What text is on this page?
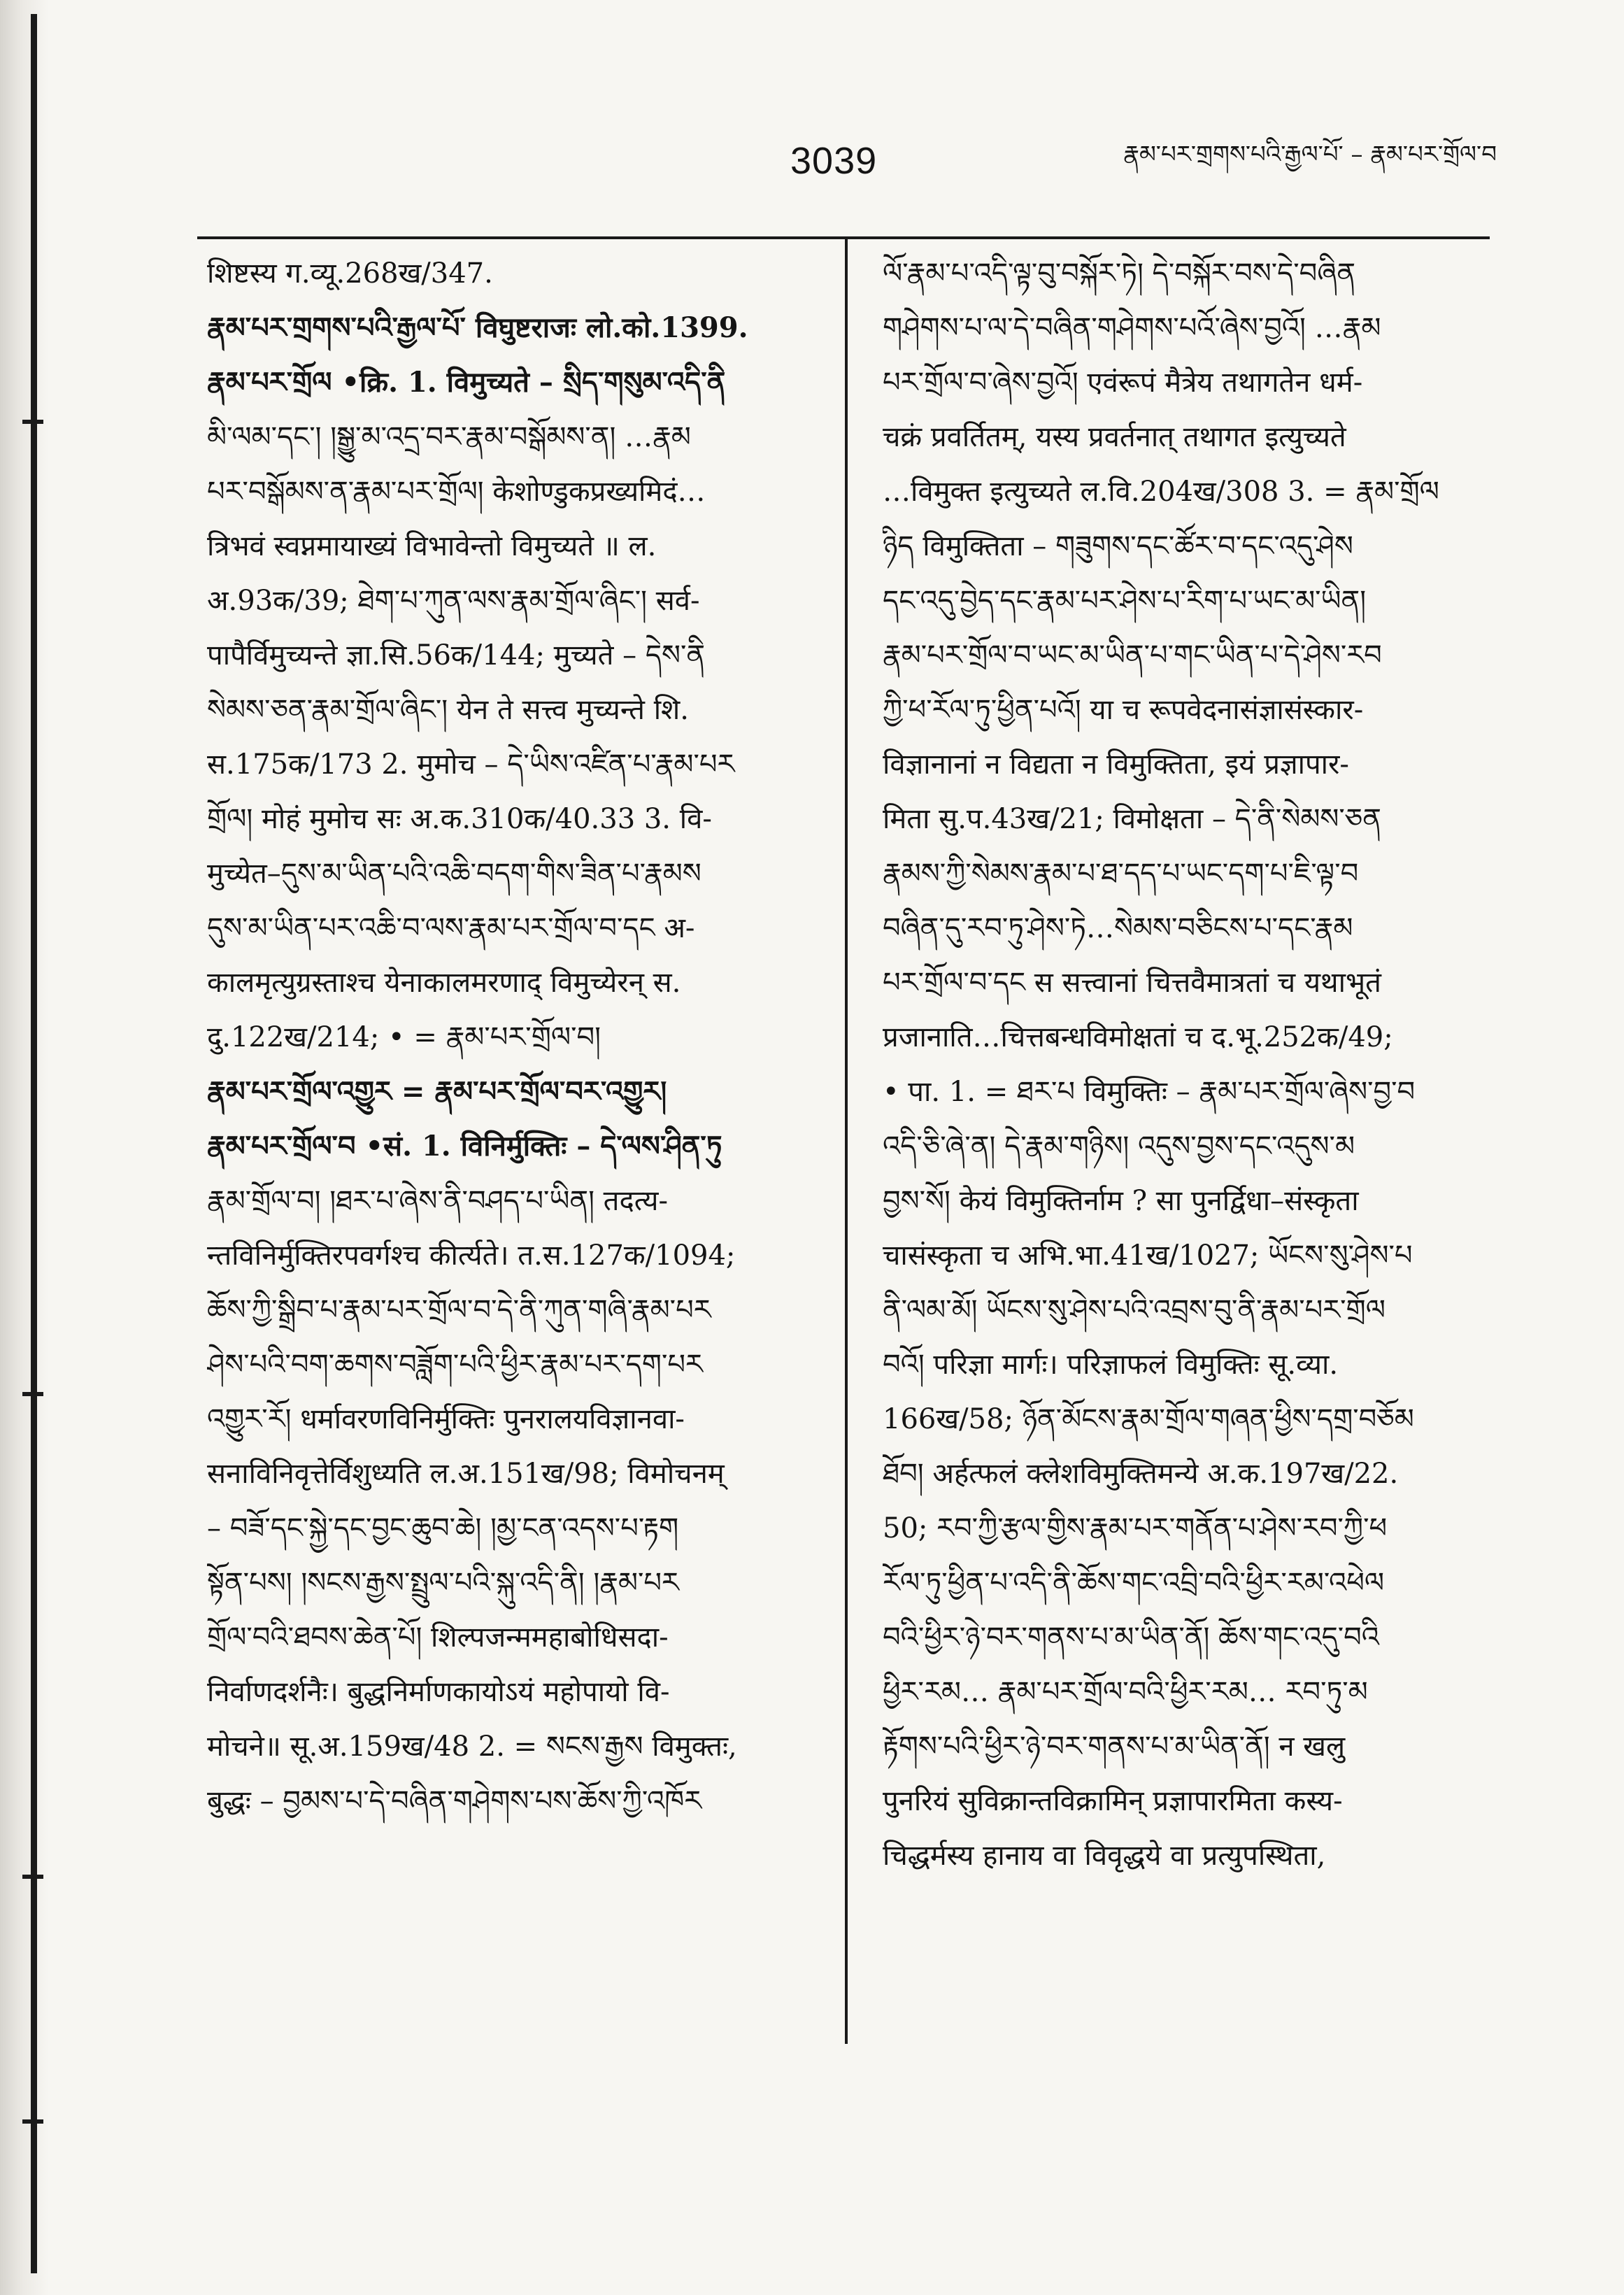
3039	རྣམ་པར་གྲགས་པའི་རྒྱལ་པོ་ – རྣམ་པར་གྲོལ་བ
शिष्टस्य ग.व्यू.268ख/347.
རྣམ་པར་གྲགས་པའི་རྒྱལ་པོ་ विघुष्टराजः लो.को.1399.
རྣམ་པར་གྲོལ •क्रि. 1. विमुच्यते – སྲིད་གསུམ་འདི་ནི
མི་ལམ་དང་། །སྒྱུ་མ་འདྲ་བར་རྣམ་བསྒོམས་ན། …རྣམ
པར་བསྒོམས་ན་རྣམ་པར་གྲོལ། केशोण्डुकप्रख्यमिदं…
त्रिभवं स्वप्नमायाख्यं विभावेन्तो विमुच्यते ॥ ल.
अ.93क/39; ཐེག་པ་ཀུན་ལས་རྣམ་གྲོལ་ཞིང་། सर्व-
पापैर्विमुच्यन्ते ज्ञा.सि.56क/144; मुच्यते – དེས་ནི
སེམས་ཅན་རྣམ་གྲོལ་ཞིང་། येन ते सत्त्व मुच्यन्ते शि.
स.175क/173 2. मुमोच – དེ་ཡིས་འཛིན་པ་རྣམ་པར
གྲོལ། मोहं मुमोच सः अ.क.310क/40.33 3. वि-
मुच्येत–དུས་མ་ཡིན་པའི་འཆི་བདག་གིས་ཟིན་པ་རྣམས
དུས་མ་ཡིན་པར་འཆི་བ་ལས་རྣམ་པར་གྲོལ་བ་དང अ-
कालमृत्युग्रस्ताश्च येनाकालमरणाद् विमुच्येरन् स.
दु.122ख/214; • = རྣམ་པར་གྲོལ་བ།
རྣམ་པར་གྲོལ་འགྱུར = རྣམ་པར་གྲོལ་བར་འགྱུར།
རྣམ་པར་གྲོལ་བ •सं. 1. विनिर्मुक्तिः – དེ་ལས་ཤིན་ཏུ
རྣམ་གྲོལ་བ། །ཐར་པ་ཞེས་ནི་བཤད་པ་ཡིན། तदत्य-
न्तविनिर्मुक्तिरपवर्गश्च कीर्त्यते। त.स.127क/1094;
ཆོས་ཀྱི་སྒྲིབ་པ་རྣམ་པར་གྲོལ་བ་དེ་ནི་ཀུན་གཞི་རྣམ་པར
ཤེས་པའི་བག་ཆགས་བཟློག་པའི་ཕྱིར་རྣམ་པར་དག་པར
འགྱུར་རོ། धर्मावरणविनिर्मुक्तिः पुनरालयविज्ञानवा-
सनाविनिवृत्तेर्विशुध्यति ल.अ.151ख/98; विमोचनम्
– བཟོ་དང་སྐྱེ་དང་བྱང་ཆུབ་ཆེ། །མྱ་ངན་འདས་པ་རྟག
སྟོན་པས། །སངས་རྒྱས་སྤྲུལ་པའི་སྐུ་འདི་ནི། །རྣམ་པར
གྲོལ་བའི་ཐབས་ཆེན་པོ། शिल्पजन्ममहाबोधिसदा-
निर्वाणदर्शनैः। बुद्धनिर्माणकायोऽयं महोपायो वि-
मोचने॥ सू.अ.159ख/48 2. = སངས་རྒྱས विमुक्तः,
बुद्धः – བྱམས་པ་དེ་བཞིན་གཤེགས་པས་ཆོས་ཀྱི་འཁོར
ལོ་རྣམ་པ་འདི་ལྟ་བུ་བསྐོར་ཏེ། དེ་བསྐོར་བས་དེ་བཞིན
གཤེགས་པ་ལ་དེ་བཞིན་གཤེགས་པའོ་ཞེས་བྱའོ། …རྣམ
པར་གྲོལ་བ་ཞེས་བྱའོ། एवंरूपं मैत्रेय तथागतेन धर्म-
चक्रं प्रवर्तितम्, यस्य प्रवर्तनात् तथागत इत्युच्यते
…विमुक्त इत्युच्यते ल.वि.204ख/308 3. = རྣམ་གྲོལ
ཉིད विमुक्तिता – གཟུགས་དང་ཚོར་བ་དང་འདུ་ཤེས
དང་འདུ་བྱེད་དང་རྣམ་པར་ཤེས་པ་རིག་པ་ཡང་མ་ཡིན།
རྣམ་པར་གྲོལ་བ་ཡང་མ་ཡིན་པ་གང་ཡིན་པ་དེ་ཤེས་རབ
ཀྱི་ཕ་རོལ་ཏུ་ཕྱིན་པའོ། या च रूपवेदनासंज्ञासंस्कार-
विज्ञानानां न विद्यता न विमुक्तिता, इयं प्रज्ञापार-
मिता सु.प.43ख/21; विमोक्षता – དེ་ནི་སེམས་ཅན
རྣམས་ཀྱི་སེམས་རྣམ་པ་ཐ་དད་པ་ཡང་དག་པ་ཇི་ལྟ་བ
བཞིན་དུ་རབ་ཏུ་ཤེས་ཏེ…སེམས་བཅིངས་པ་དང་རྣམ
པར་གྲོལ་བ་དང स सत्त्वानां चित्तवैमात्रतां च यथाभूतं
प्रजानाति…चित्तबन्धविमोक्षतां च द.भू.252क/49;
• पा. 1. = ཐར་པ विमुक्तिः – རྣམ་པར་གྲོལ་ཞེས་བྱ་བ
འདི་ཅི་ཞེ་ན། དེ་རྣམ་གཉིས། འདུས་བྱས་དང་འདུས་མ
བྱས་སོ། केयं विमुक्तिर्नाम ? सा पुनर्द्विधा–संस्कृता
चासंस्कृता च अभि.भा.41ख/1027; ཡོངས་སུ་ཤེས་པ
ནི་ལམ་མོ། ཡོངས་སུ་ཤེས་པའི་འབྲས་བུ་ནི་རྣམ་པར་གྲོལ
བའོ། परिज्ञा मार्गः। परिज्ञाफलं विमुक्तिः सू.व्या.
166ख/58; ཉོན་མོངས་རྣམ་གྲོལ་གཞན་ཕྱིས་དགྲ་བཅོམ
ཐོབ། अर्हत्फलं क्लेशविमुक्तिमन्ये अ.क.197ख/22.
50; རབ་ཀྱི་རྩལ་གྱིས་རྣམ་པར་གནོན་པ་ཤེས་རབ་ཀྱི་ཕ
རོལ་ཏུ་ཕྱིན་པ་འདི་ནི་ཆོས་གང་འབྲི་བའི་ཕྱིར་རམ་འཕེལ
བའི་ཕྱིར་ཉེ་བར་གནས་པ་མ་ཡིན་ནོ། ཆོས་གང་འདུ་བའི
ཕྱིར་རམ… རྣམ་པར་གྲོལ་བའི་ཕྱིར་རམ… རབ་ཏུ་མ
རྟོགས་པའི་ཕྱིར་ཉེ་བར་གནས་པ་མ་ཡིན་ནོ། न खलु
पुनरियं सुविक्रान्तविक्रामिन् प्रज्ञापारमिता कस्य-
चिद्धर्मस्य हानाय वा विवृद्धये वा प्रत्युपस्थिता,
